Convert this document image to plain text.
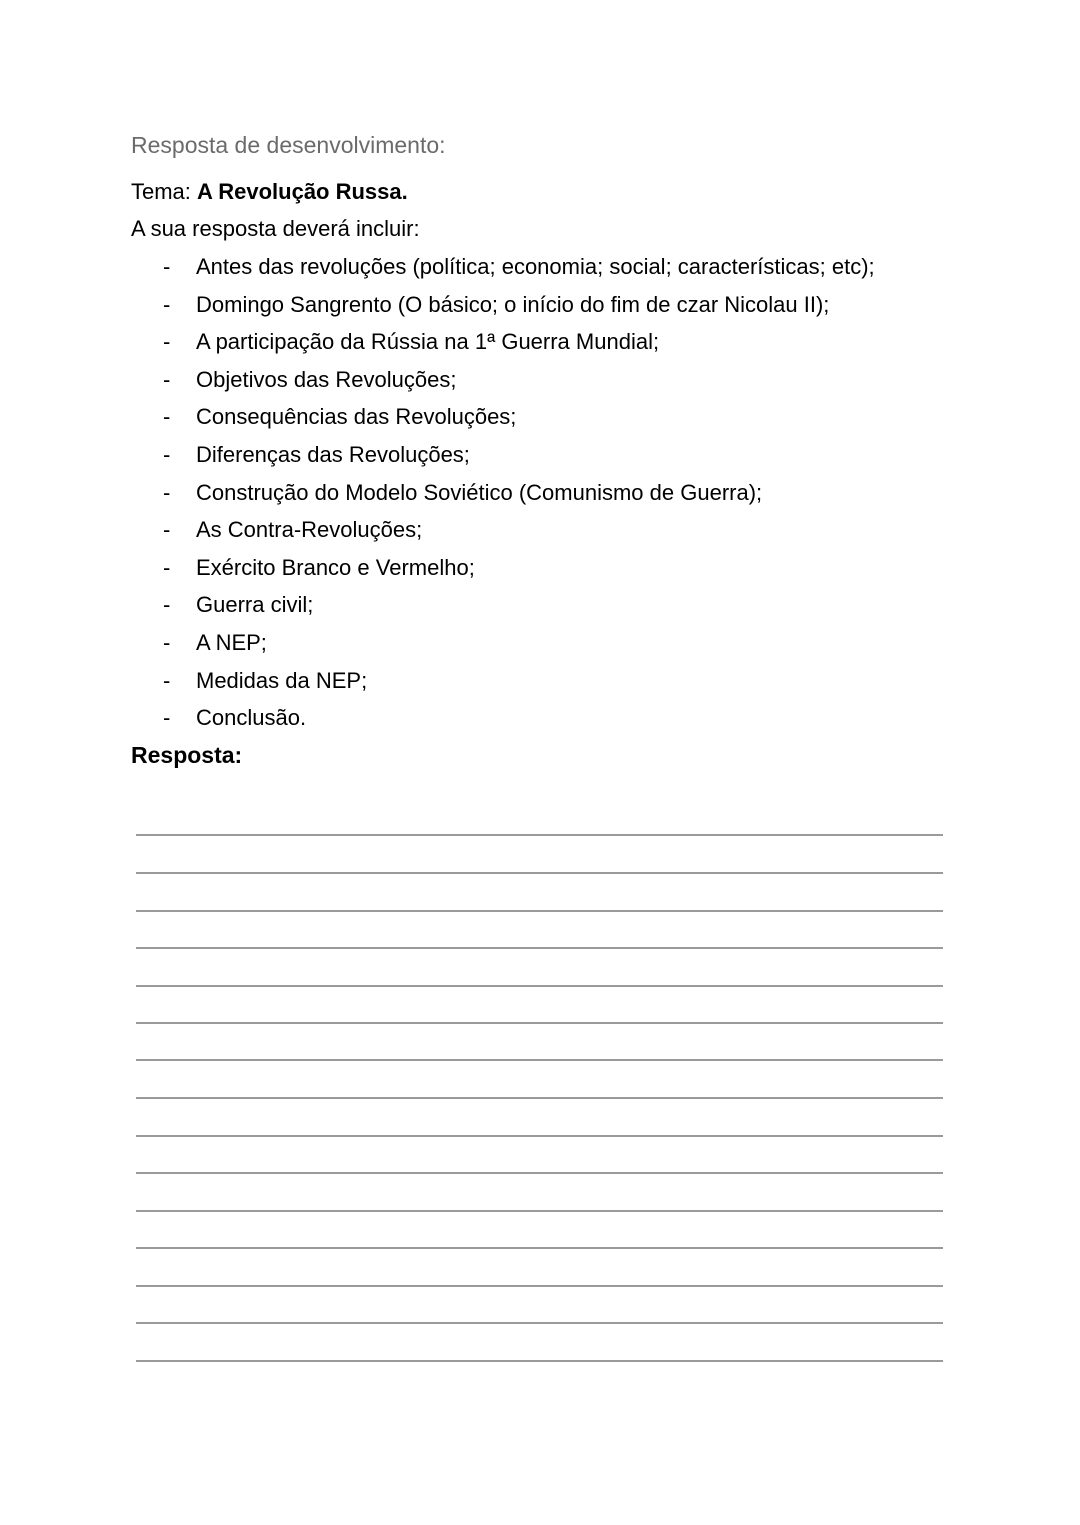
Resposta de desenvolvimento:
Tema: A Revolução Russa.
A sua resposta deverá incluir:
- Antes das revoluções (política; economia; social; características; etc);
- Domingo Sangrento (O básico; o início do fim de czar Nicolau II);
- A participação da Rússia na 1ª Guerra Mundial;
- Objetivos das Revoluções;
- Consequências das Revoluções;
- Diferenças das Revoluções;
- Construção do Modelo Soviético (Comunismo de Guerra);
- As Contra-Revoluções;
- Exército Branco e Vermelho;
- Guerra civil;
- A NEP;
- Medidas da NEP;
- Conclusão.
Resposta:
